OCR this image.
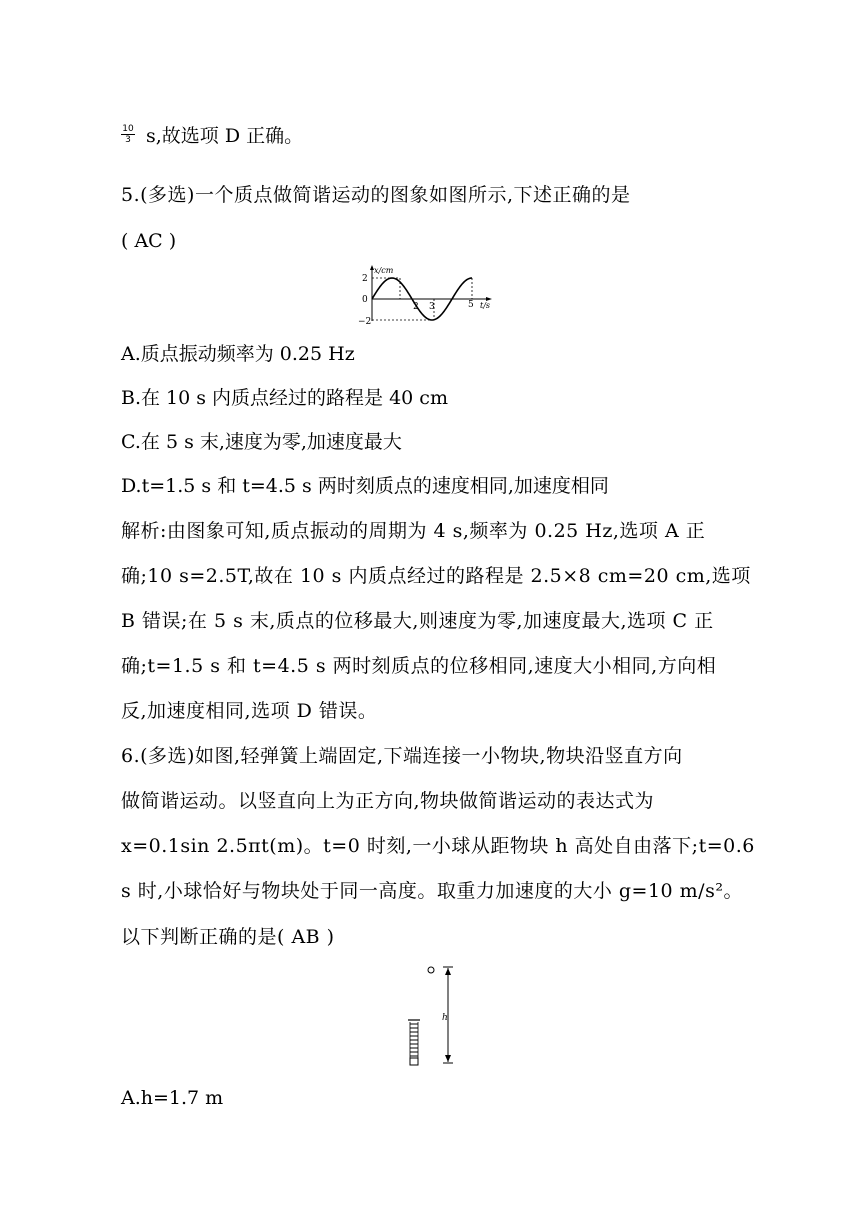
$\frac{10}{3} s$,故选项 D 正确。
5.(多选)一个质点做简谐运动的图象如图所示,下述正确的是
( AC )
x/cm
2
0
−2
2 3	5 t/s
A.质点振动频率为 0.25 Hz
B.在 10 s 内质点经过的路程是 40 cm
C.在 5 s 末,速度为零,加速度最大
D.t=1.5 s 和 t=4.5 s 两时刻质点的速度相同,加速度相同
解析:由图象可知,质点振动的周期为 4 s,频率为 0.25 Hz,选项 A 正
确;10 s=2.5T,故在 10 s 内质点经过的路程是 2.5×8 cm=20 cm,选项
B 错误;在 5 s 末,质点的位移最大,则速度为零,加速度最大,选项 C 正
确;t=1.5 s 和 t=4.5 s 两时刻质点的位移相同,速度大小相同,方向相
反,加速度相同,选项 D 错误。
6.(多选)如图,轻弹簧上端固定,下端连接一小物块,物块沿竖直方向
做简谐运动。以竖直向上为正方向,物块做简谐运动的表达式为
x=0.1sin 2.5πt(m)。t=0 时刻,一小球从距物块 h 高处自由落下;t=0.6
s 时,小球恰好与物块处于同一高度。取重力加速度的大小 g=10 m/s²。
以下判断正确的是( AB )
h
A.h=1.7 m
